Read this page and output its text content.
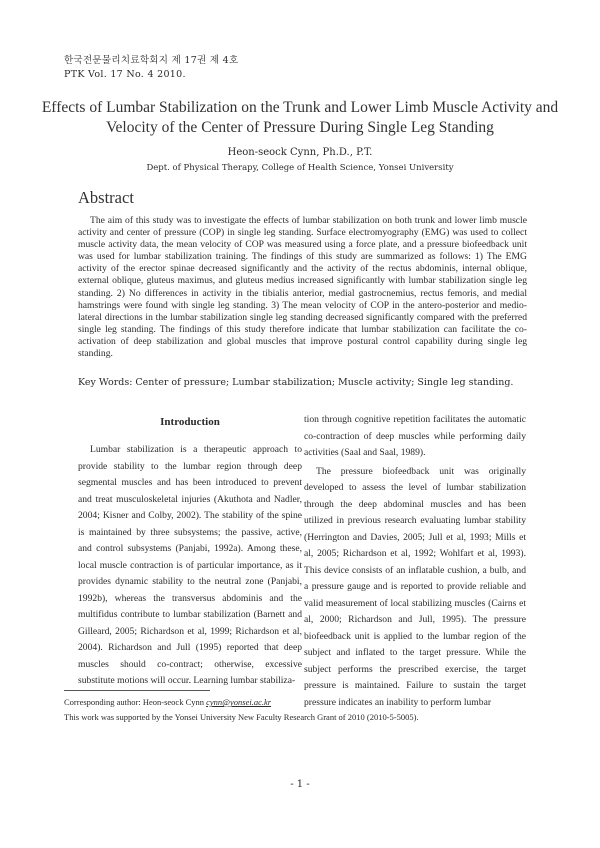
한국전문물리치료학회지 제 17권 제 4호
PTK Vol. 17 No. 4 2010.
Effects of Lumbar Stabilization on the Trunk and Lower Limb Muscle Activity and Velocity of the Center of Pressure During Single Leg Standing
Heon-seock Cynn, Ph.D., P.T.
Dept. of Physical Therapy, College of Health Science, Yonsei University
Abstract

The aim of this study was to investigate the effects of lumbar stabilization on both trunk and lower limb muscle activity and center of pressure (COP) in single leg standing. Surface electromyography (EMG) was used to collect muscle activity data, the mean velocity of COP was measured using a force plate, and a pressure biofeedback unit was used for lumbar stabilization training. The findings of this study are summarized as follows: 1) The EMG activity of the erector spinae decreased significantly and the activity of the rectus abdominis, internal oblique, external oblique, gluteus maximus, and gluteus medius increased significantly with lumbar stabilization single leg standing. 2) No differences in activity in the tibialis anterior, medial gastrocnemius, rectus femoris, and medial hamstrings were found with single leg standing. 3) The mean velocity of COP in the antero-posterior and medio-lateral directions in the lumbar stabilization single leg standing decreased significantly compared with the preferred single leg standing. The findings of this study therefore indicate that lumbar stabilization can facilitate the co-activation of deep stabilization and global muscles that improve postural control capability during single leg standing.

Key Words: Center of pressure; Lumbar stabilization; Muscle activity; Single leg standing.
Introduction

Lumbar stabilization is a therapeutic approach to provide stability to the lumbar region through deep segmental muscles and has been introduced to prevent and treat musculoskeletal injuries (Akuthota and Nadler, 2004; Kisner and Colby, 2002). The stability of the spine is maintained by three subsystems; the passive, active, and control subsystems (Panjabi, 1992a). Among these, local muscle contraction is of particular importance, as it provides dynamic stability to the neutral zone (Panjabi, 1992b), whereas the transversus abdominis and the multifidus contribute to lumbar stabilization (Barnett and Gilleard, 2005; Richardson et al, 1999; Richardson et al, 2004). Richardson and Jull (1995) reported that deep muscles should co-contract; otherwise, excessive substitute motions will occur. Learning lumbar stabiliza-

tion through cognitive repetition facilitates the automatic co-contraction of deep muscles while performing daily activities (Saal and Saal, 1989).

The pressure biofeedback unit was originally developed to assess the level of lumbar stabilization through the deep abdominal muscles and has been utilized in previous research evaluating lumbar stability (Herrington and Davies, 2005; Jull et al, 1993; Mills et al, 2005; Richardson et al, 1992; Wohlfart et al, 1993). This device consists of an inflatable cushion, a bulb, and a pressure gauge and is reported to provide reliable and valid measurement of local stabilizing muscles (Cairns et al, 2000; Richardson and Jull, 1995). The pressure biofeedback unit is applied to the lumbar region of the subject and inflated to the target pressure. While the subject performs the prescribed exercise, the target pressure is maintained. Failure to sustain the target pressure indicates an inability to perform lumbar

Corresponding author: Heon-seock Cynn cynn@yonsei.ac.kr
This work was supported by the Yonsei University New Faculty Research Grant of 2010 (2010-5-5005).
- 1 -
